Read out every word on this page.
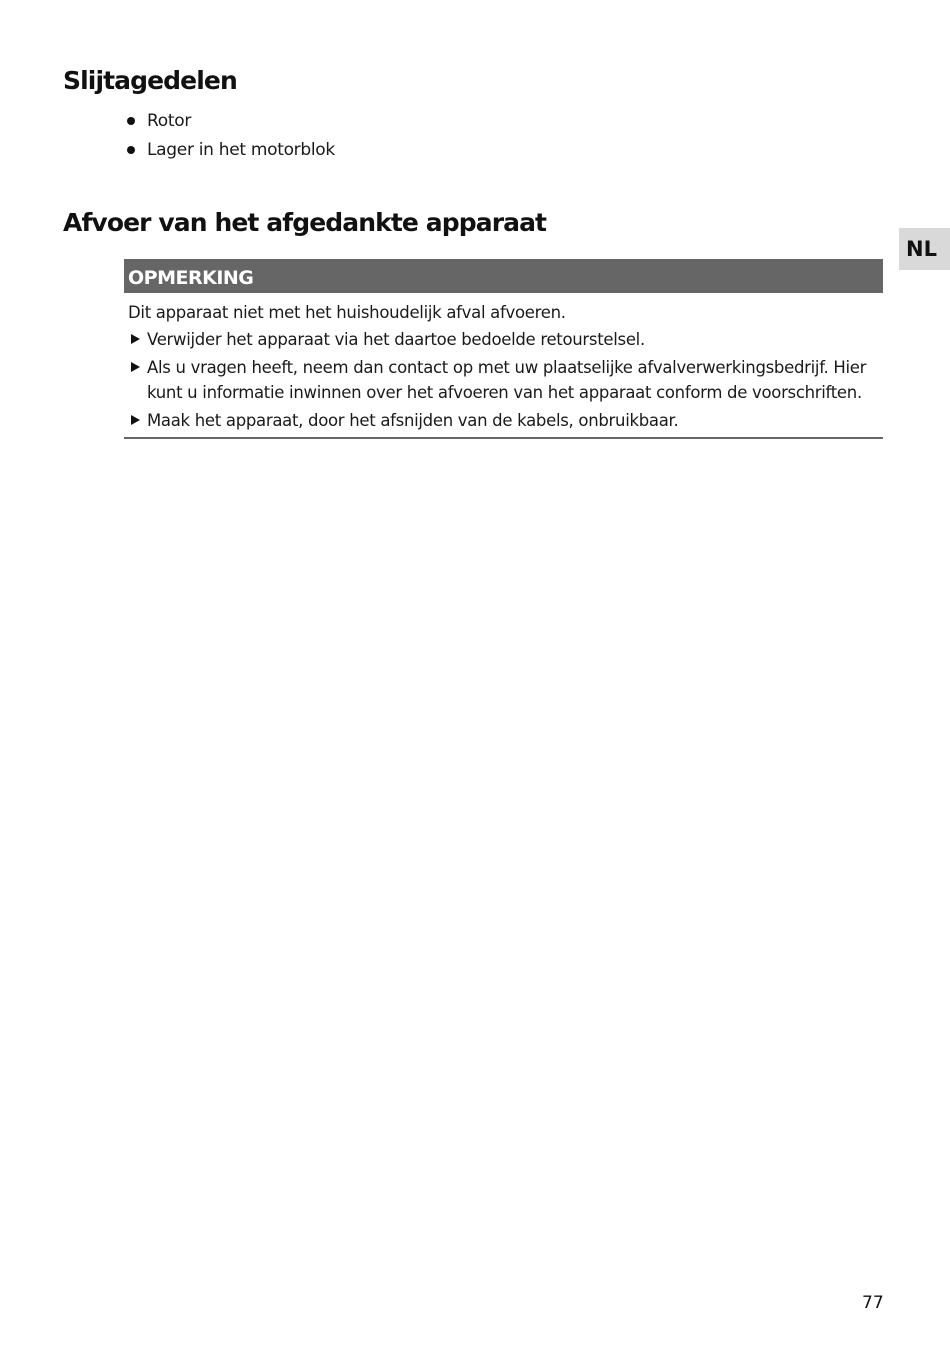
Slijtagedelen
Rotor
Lager in het motorblok
Afvoer van het afgedankte apparaat
NL
OPMERKING

Dit apparaat niet met het huishoudelijk afval afvoeren.

Verwijder het apparaat via het daartoe bedoelde retourstelsel.
Als u vragen heeft, neem dan contact op met uw plaatselijke afvalverwerkingsbedrijf. Hier kunt u informatie inwinnen over het afvoeren van het apparaat conform de voorschriften.
Maak het apparaat, door het afsnijden van de kabels, onbruikbaar.
77
